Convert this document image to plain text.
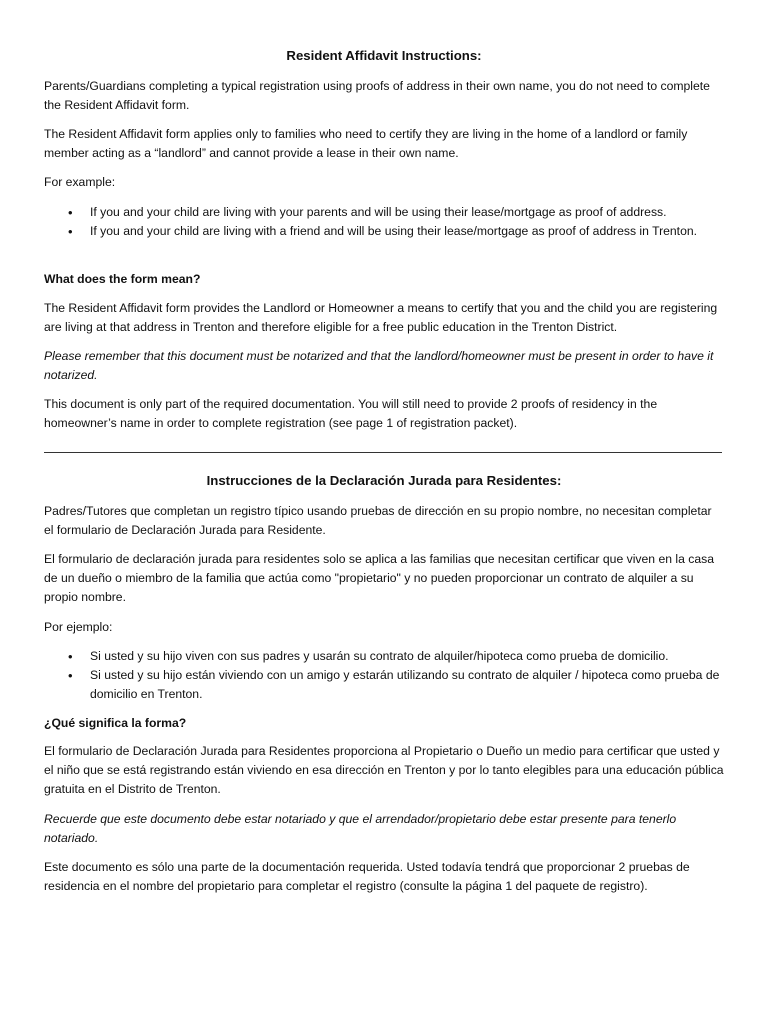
Resident Affidavit Instructions:

Parents/Guardians completing a typical registration using proofs of address in their own name, you do not need to complete the Resident Affidavit form.

The Resident Affidavit form applies only to families who need to certify they are living in the home of a landlord or family member acting as a “landlord” and cannot provide a lease in their own name.

For example:

• If you and your child are living with your parents and will be using their lease/mortgage as proof of address.
• If you and your child are living with a friend and will be using their lease/mortgage as proof of address in Trenton.

What does the form mean?

The Resident Affidavit form provides the Landlord or Homeowner a means to certify that you and the child you are registering are living at that address in Trenton and therefore eligible for a free public education in the Trenton District.

Please remember that this document must be notarized and that the landlord/homeowner must be present in order to have it notarized.

This document is only part of the required documentation. You will still need to provide 2 proofs of residency in the homeowner’s name in order to complete registration (see page 1 of registration packet).

Instrucciones de la Declaración Jurada para Residentes:

Padres/Tutores que completan un registro típico usando pruebas de dirección en su propio nombre, no necesitan completar el formulario de Declaración Jurada para Residente.

El formulario de declaración jurada para residentes solo se aplica a las familias que necesitan certificar que viven en la casa de un dueño o miembro de la familia que actúa como "propietario" y no pueden proporcionar un contrato de alquiler a su propio nombre.

Por ejemplo:

• Si usted y su hijo viven con sus padres y usarán su contrato de alquiler/hipoteca como prueba de domicilio.
• Si usted y su hijo están viviendo con un amigo y estarán utilizando su contrato de alquiler / hipoteca como prueba de domicilio en Trenton.

¿Qué significa la forma?

El formulario de Declaración Jurada para Residentes proporciona al Propietario o Dueño un medio para certificar que usted y el niño que se está registrando están viviendo en esa dirección en Trenton y por lo tanto elegibles para una educación pública gratuita en el Distrito de Trenton.

Recuerde que este documento debe estar notariado y que el arrendador/propietario debe estar presente para tenerlo notariado.

Este documento es sólo una parte de la documentación requerida. Usted todavía tendrá que proporcionar 2 pruebas de residencia en el nombre del propietario para completar el registro (consulte la página 1 del paquete de registro).
